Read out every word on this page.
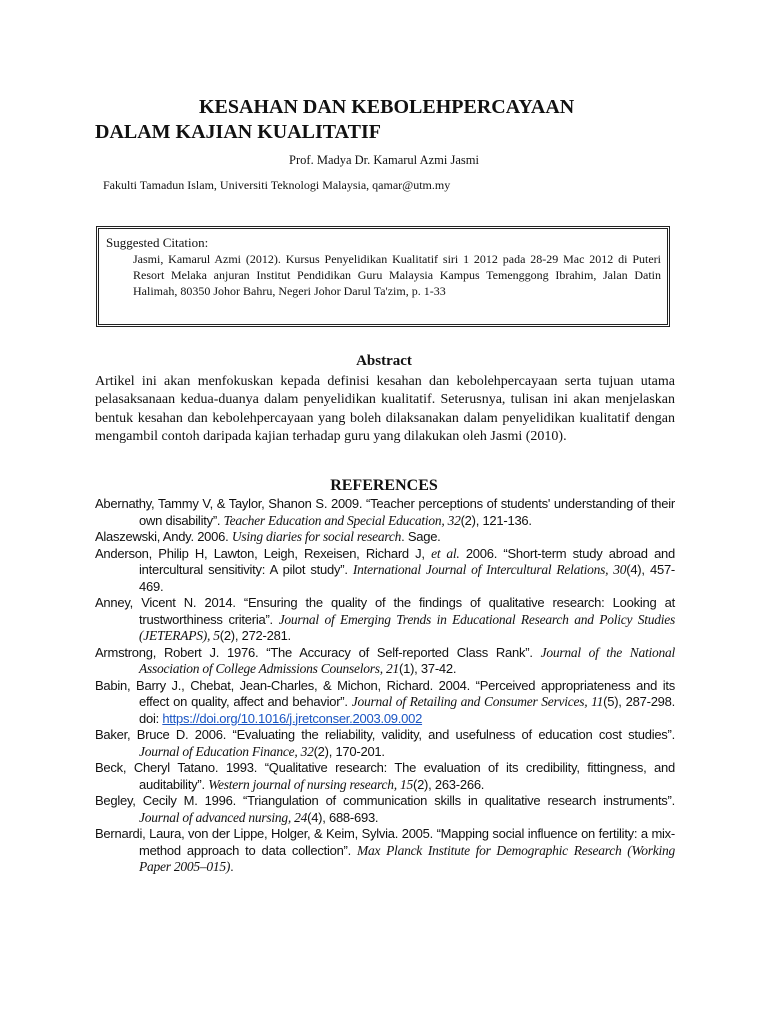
KESAHAN DAN KEBOLEHPERCAYAAN
DALAM KAJIAN KUALITATIF
Prof. Madya Dr. Kamarul Azmi Jasmi
Fakulti Tamadun Islam, Universiti Teknologi Malaysia, qamar@utm.my
Suggested Citation:
Jasmi, Kamarul Azmi (2012). Kursus Penyelidikan Kualitatif siri 1 2012 pada 28-29 Mac 2012 di Puteri Resort Melaka anjuran Institut Pendidikan Guru Malaysia Kampus Temenggong Ibrahim, Jalan Datin Halimah, 80350 Johor Bahru, Negeri Johor Darul Ta'zim, p. 1-33
Abstract
Artikel ini akan menfokuskan kepada definisi kesahan dan kebolehpercayaan serta tujuan utama pelasaksanaan kedua-duanya dalam penyelidikan kualitatif. Seterusnya, tulisan ini akan menjelaskan bentuk kesahan dan kebolehpercayaan yang boleh dilaksanakan dalam penyelidikan kualitatif dengan mengambil contoh daripada kajian terhadap guru yang dilakukan oleh Jasmi (2010).
REFERENCES
Abernathy, Tammy V, & Taylor, Shanon S. 2009. “Teacher perceptions of students' understanding of their own disability”. Teacher Education and Special Education, 32(2), 121-136.
Alaszewski, Andy. 2006. Using diaries for social research. Sage.
Anderson, Philip H, Lawton, Leigh, Rexeisen, Richard J, et al. 2006. “Short-term study abroad and intercultural sensitivity: A pilot study”. International Journal of Intercultural Relations, 30(4), 457-469.
Anney, Vicent N. 2014. “Ensuring the quality of the findings of qualitative research: Looking at trustworthiness criteria”. Journal of Emerging Trends in Educational Research and Policy Studies (JETERAPS), 5(2), 272-281.
Armstrong, Robert J. 1976. “The Accuracy of Self-reported Class Rank”. Journal of the National Association of College Admissions Counselors, 21(1), 37-42.
Babin, Barry J., Chebat, Jean-Charles, & Michon, Richard. 2004. “Perceived appropriateness and its effect on quality, affect and behavior”. Journal of Retailing and Consumer Services, 11(5), 287-298. doi: https://doi.org/10.1016/j.jretconser.2003.09.002
Baker, Bruce D. 2006. “Evaluating the reliability, validity, and usefulness of education cost studies”. Journal of Education Finance, 32(2), 170-201.
Beck, Cheryl Tatano. 1993. “Qualitative research: The evaluation of its credibility, fittingness, and auditability”. Western journal of nursing research, 15(2), 263-266.
Begley, Cecily M. 1996. “Triangulation of communication skills in qualitative research instruments”. Journal of advanced nursing, 24(4), 688-693.
Bernardi, Laura, von der Lippe, Holger, & Keim, Sylvia. 2005. “Mapping social influence on fertility: a mix-method approach to data collection”. Max Planck Institute for Demographic Research (Working Paper 2005–015).
